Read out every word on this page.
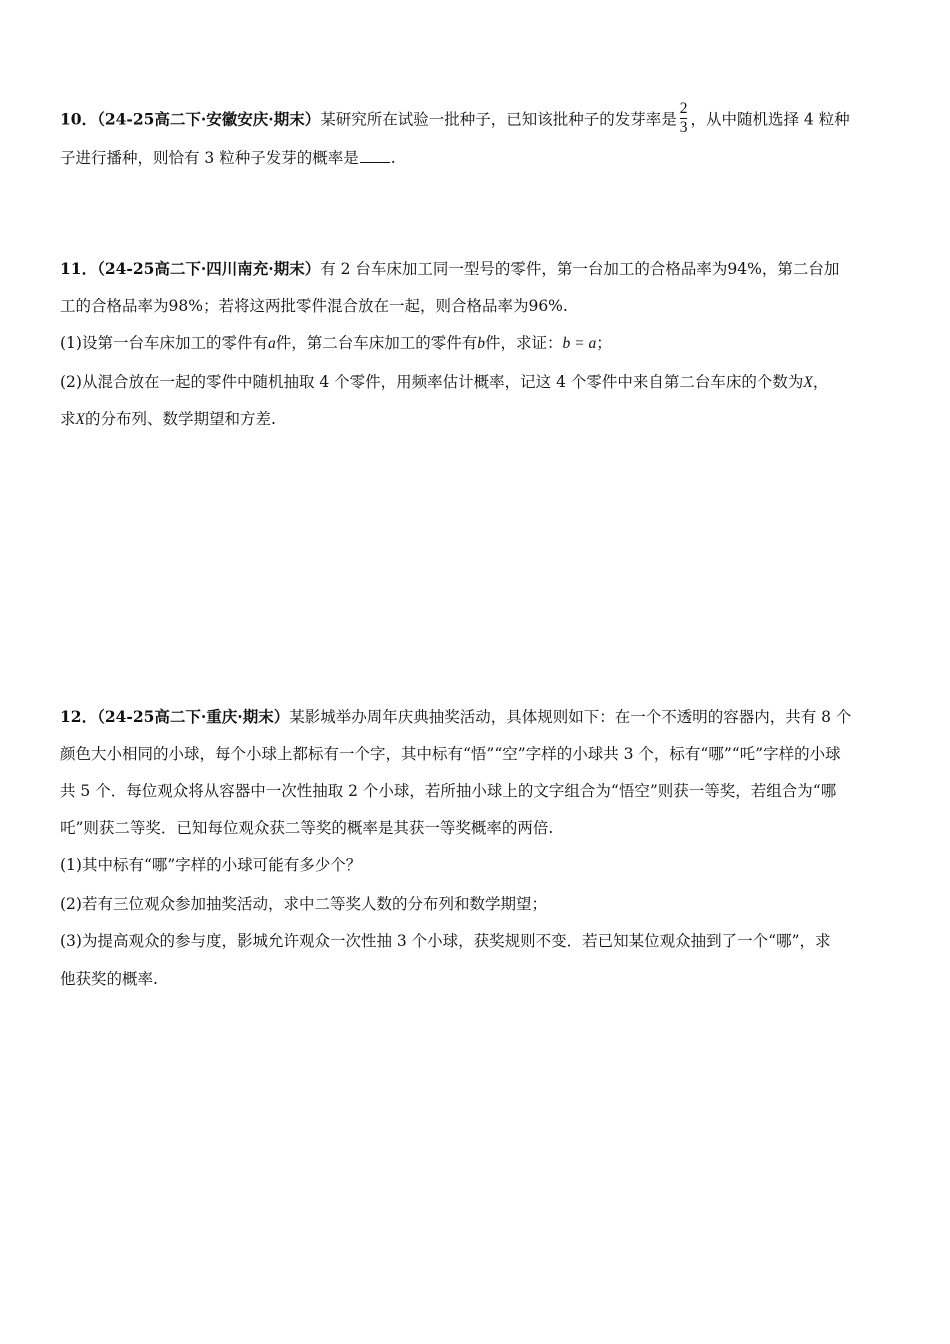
10．（24-25高二下·安徽安庆·期末）某研究所在试验一批种子，已知该批种子的发芽率是 $\frac{2}{3}$ ，从中随机选择 4 粒种
子进行播种，则恰有 3 粒种子发芽的概率是 .
11．（24-25高二下·四川南充·期末）有 2 台车床加工同一型号的零件，第一台加工的合格品率为94%，第二台加
工的合格品率为98%；若将这两批零件混合放在一起，则合格品率为96%.
(1)设第一台车床加工的零件有a件，第二台车床加工的零件有b件，求证：b = a；
(2)从混合放在一起的零件中随机抽取 4 个零件，用频率估计概率，记这 4 个零件中来自第二台车床的个数为X，
求X的分布列、数学期望和方差.
12．（24-25高二下·重庆·期末）某影城举办周年庆典抽奖活动，具体规则如下：在一个不透明的容器内，共有 8 个
颜色大小相同的小球，每个小球上都标有一个字，其中标有“悟”“空”字样的小球共 3 个，标有“哪”“吒”字样的小球
共 5 个．每位观众将从容器中一次性抽取 2 个小球，若所抽小球上的文字组合为“悟空”则获一等奖，若组合为“哪
吒”则获二等奖．已知每位观众获二等奖的概率是其获一等奖概率的两倍.
(1)其中标有“哪”字样的小球可能有多少个？
(2)若有三位观众参加抽奖活动，求中二等奖人数的分布列和数学期望；
(3)为提高观众的参与度，影城允许观众一次性抽 3 个小球，获奖规则不变．若已知某位观众抽到了一个“哪”，求
他获奖的概率.
